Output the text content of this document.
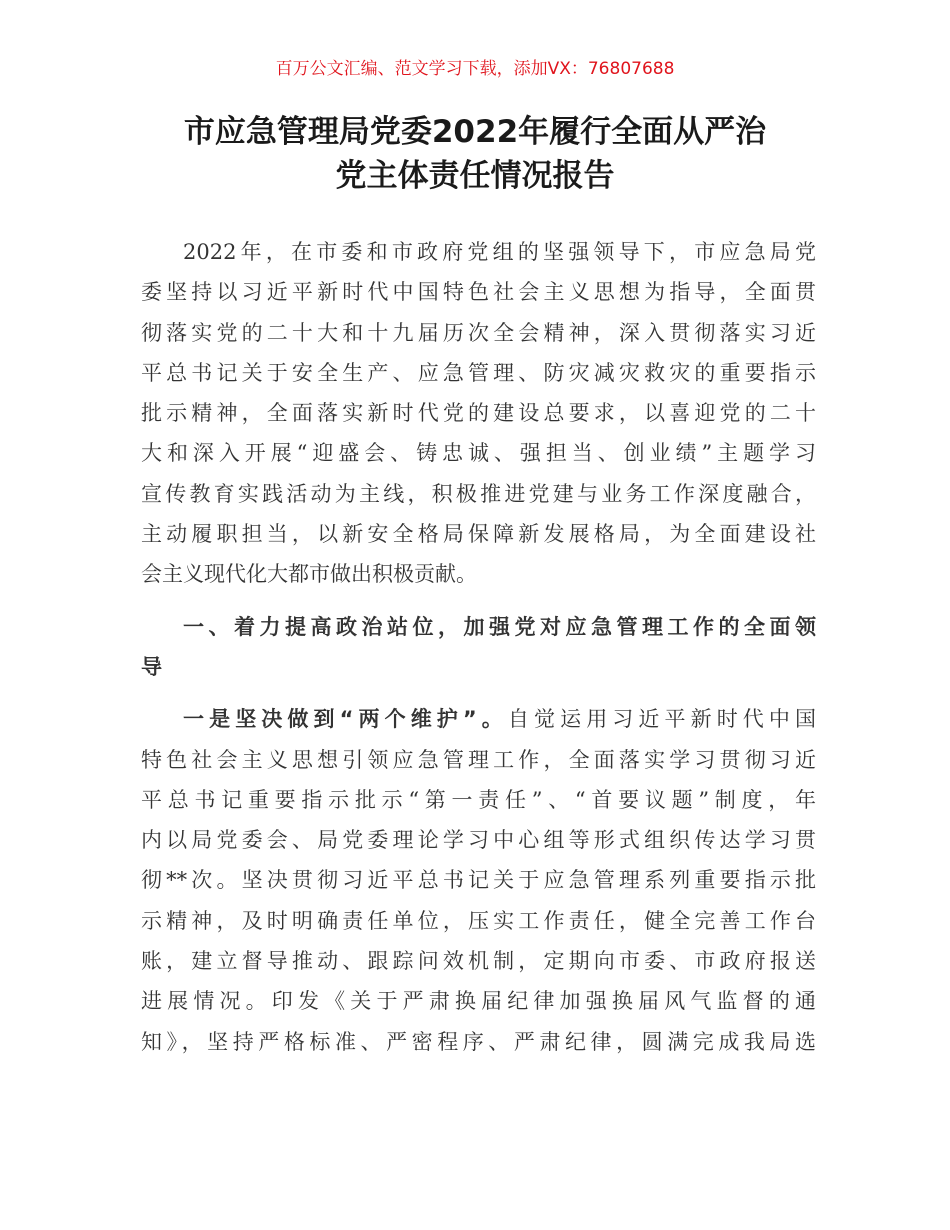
百万公文汇编、范文学习下载，添加VX：76807688
市应急管理局党委2022年履行全面从严治
党主体责任情况报告
2022年，在市委和市政府党组的坚强领导下，市应急局党
委坚持以习近平新时代中国特色社会主义思想为指导，全面贯
彻落实党的二十大和十九届历次全会精神，深入贯彻落实习近
平总书记关于安全生产、应急管理、防灾减灾救灾的重要指示
批示精神，全面落实新时代党的建设总要求，以喜迎党的二十
大和深入开展“迎盛会、铸忠诚、强担当、创业绩”主题学习
宣传教育实践活动为主线，积极推进党建与业务工作深度融合，
主动履职担当，以新安全格局保障新发展格局，为全面建设社
会主义现代化大都市做出积极贡献。
一、着力提高政治站位，加强党对应急管理工作的全面领
导
一是坚决做到“两个维护”。自觉运用习近平新时代中国
特色社会主义思想引领应急管理工作，全面落实学习贯彻习近
平总书记重要指示批示“第一责任”、“首要议题”制度，年
内以局党委会、局党委理论学习中心组等形式组织传达学习贯
彻**次。坚决贯彻习近平总书记关于应急管理系列重要指示批
示精神，及时明确责任单位，压实工作责任，健全完善工作台
账，建立督导推动、跟踪问效机制，定期向市委、市政府报送
进展情况。印发《关于严肃换届纪律加强换届风气监督的通
知》，坚持严格标准、严密程序、严肃纪律，圆满完成我局选
